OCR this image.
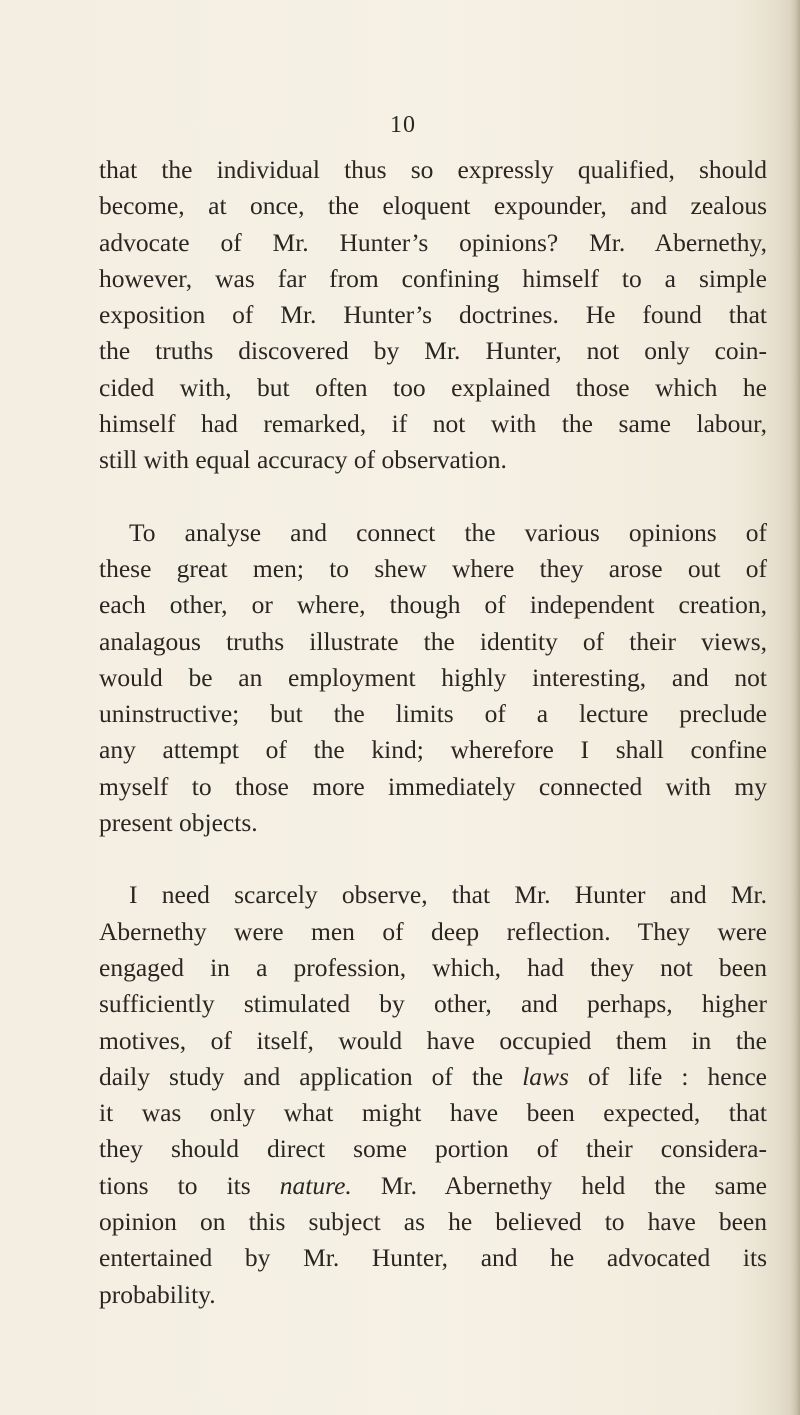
10

that the individual thus so expressly qualified, should
become, at once, the eloquent expounder, and zealous
advocate of Mr. Hunter’s opinions? Mr. Abernethy,
however, was far from confining himself to a simple
exposition of Mr. Hunter’s doctrines. He found that
the truths discovered by Mr. Hunter, not only coin-
cided with, but often too explained those which he
himself had remarked, if not with the same labour,
still with equal accuracy of observation.

To analyse and connect the various opinions of
these great men; to shew where they arose out of
each other, or where, though of independent creation,
analagous truths illustrate the identity of their views,
would be an employment highly interesting, and not
uninstructive; but the limits of a lecture preclude
any attempt of the kind; wherefore I shall confine
myself to those more immediately connected with my
present objects.

I need scarcely observe, that Mr. Hunter and Mr.
Abernethy were men of deep reflection. They were
engaged in a profession, which, had they not been
sufficiently stimulated by other, and perhaps, higher
motives, of itself, would have occupied them in the
daily study and application of the laws of life : hence
it was only what might have been expected, that
they should direct some portion of their considera-
tions to its nature. Mr. Abernethy held the same
opinion on this subject as he believed to have been
entertained by Mr. Hunter, and he advocated its
probability.
